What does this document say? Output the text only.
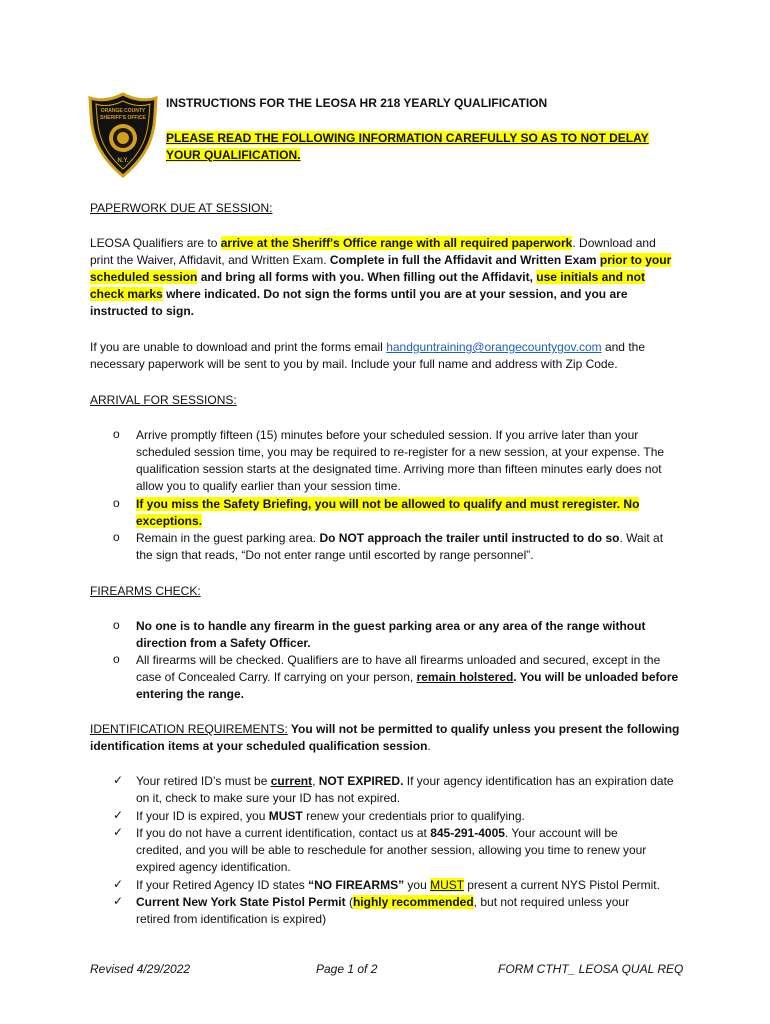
ORANGE COUNTY
SHERIFF'S OFFICE
N.Y.
INSTRUCTIONS FOR THE LEOSA HR 218 YEARLY QUALIFICATION
PLEASE READ THE FOLLOWING INFORMATION CAREFULLY SO AS TO NOT DELAY YOUR QUALIFICATION.
PAPERWORK DUE AT SESSION:
LEOSA Qualifiers are to arrive at the Sheriff's Office range with all required paperwork. Download and print the Waiver, Affidavit, and Written Exam. Complete in full the Affidavit and Written Exam prior to your scheduled session and bring all forms with you. When filling out the Affidavit, use initials and not check marks where indicated. Do not sign the forms until you are at your session, and you are instructed to sign.
If you are unable to download and print the forms email handguntraining@orangecountygov.com and the necessary paperwork will be sent to you by mail. Include your full name and address with Zip Code.
ARRIVAL FOR SESSIONS:
o Arrive promptly fifteen (15) minutes before your scheduled session. If you arrive later than your scheduled session time, you may be required to re-register for a new session, at your expense. The qualification session starts at the designated time. Arriving more than fifteen minutes early does not allow you to qualify earlier than your session time.
o If you miss the Safety Briefing, you will not be allowed to qualify and must reregister. No exceptions.
o Remain in the guest parking area. Do NOT approach the trailer until instructed to do so. Wait at the sign that reads, “Do not enter range until escorted by range personnel”.
FIREARMS CHECK:
o No one is to handle any firearm in the guest parking area or any area of the range without direction from a Safety Officer.
o All firearms will be checked. Qualifiers are to have all firearms unloaded and secured, except in the case of Concealed Carry. If carrying on your person, remain holstered. You will be unloaded before entering the range.
IDENTIFICATION REQUIREMENTS: You will not be permitted to qualify unless you present the following identification items at your scheduled qualification session.
✓ Your retired ID’s must be current, NOT EXPIRED. If your agency identification has an expiration date on it, check to make sure your ID has not expired.
✓ If your ID is expired, you MUST renew your credentials prior to qualifying.
✓ If you do not have a current identification, contact us at 845-291-4005. Your account will be credited, and you will be able to reschedule for another session, allowing you time to renew your expired agency identification.
✓ If your Retired Agency ID states “NO FIREARMS” you MUST present a current NYS Pistol Permit.
✓ Current New York State Pistol Permit (highly recommended, but not required unless your retired from identification is expired)
Revised 4/29/2022	Page 1 of 2	FORM CTHT_ LEOSA QUAL REQ
